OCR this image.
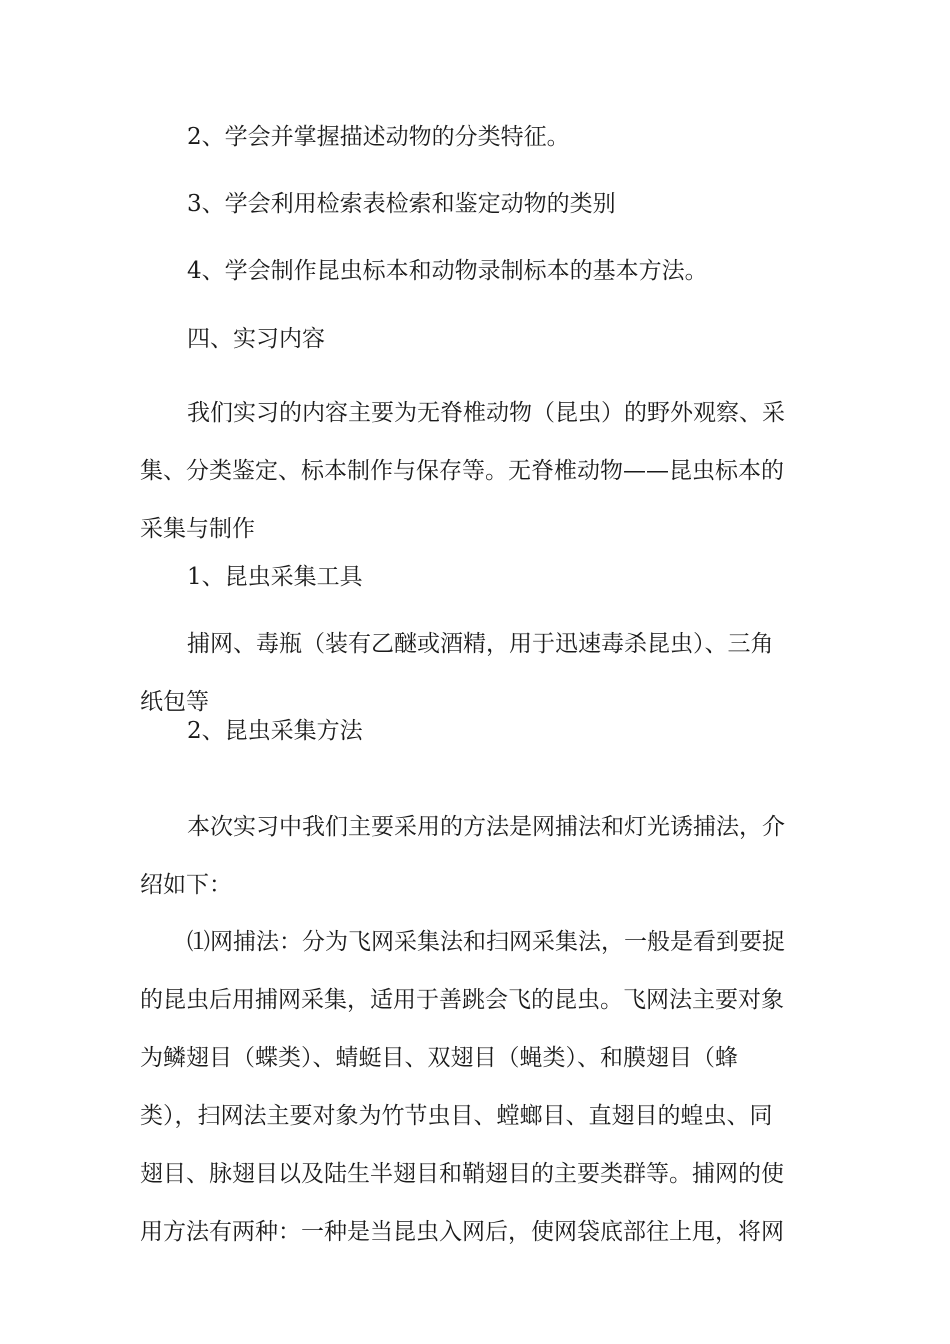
2、学会并掌握描述动物的分类特征。

3、学会利用检索表检索和鉴定动物的类别

4、学会制作昆虫标本和动物录制标本的基本方法。

四、实习内容

我们实习的内容主要为无脊椎动物（昆虫）的野外观察、采
集、分类鉴定、标本制作与保存等。无脊椎动物——昆虫标本的
采集与制作

1、昆虫采集工具

捕网、毒瓶（装有乙醚或酒精，用于迅速毒杀昆虫）、三角
纸包等

2、昆虫采集方法

本次实习中我们主要采用的方法是网捕法和灯光诱捕法，介
绍如下：

⑴网捕法：分为飞网采集法和扫网采集法，一般是看到要捉
的昆虫后用捕网采集，适用于善跳会飞的昆虫。飞网法主要对象
为鳞翅目（蝶类）、蜻蜓目、双翅目（蝇类）、和膜翅目（蜂
类），扫网法主要对象为竹节虫目、螳螂目、直翅目的蝗虫、同
翅目、脉翅目以及陆生半翅目和鞘翅目的主要类群等。捕网的使
用方法有两种：一种是当昆虫入网后，使网袋底部往上甩，将网
